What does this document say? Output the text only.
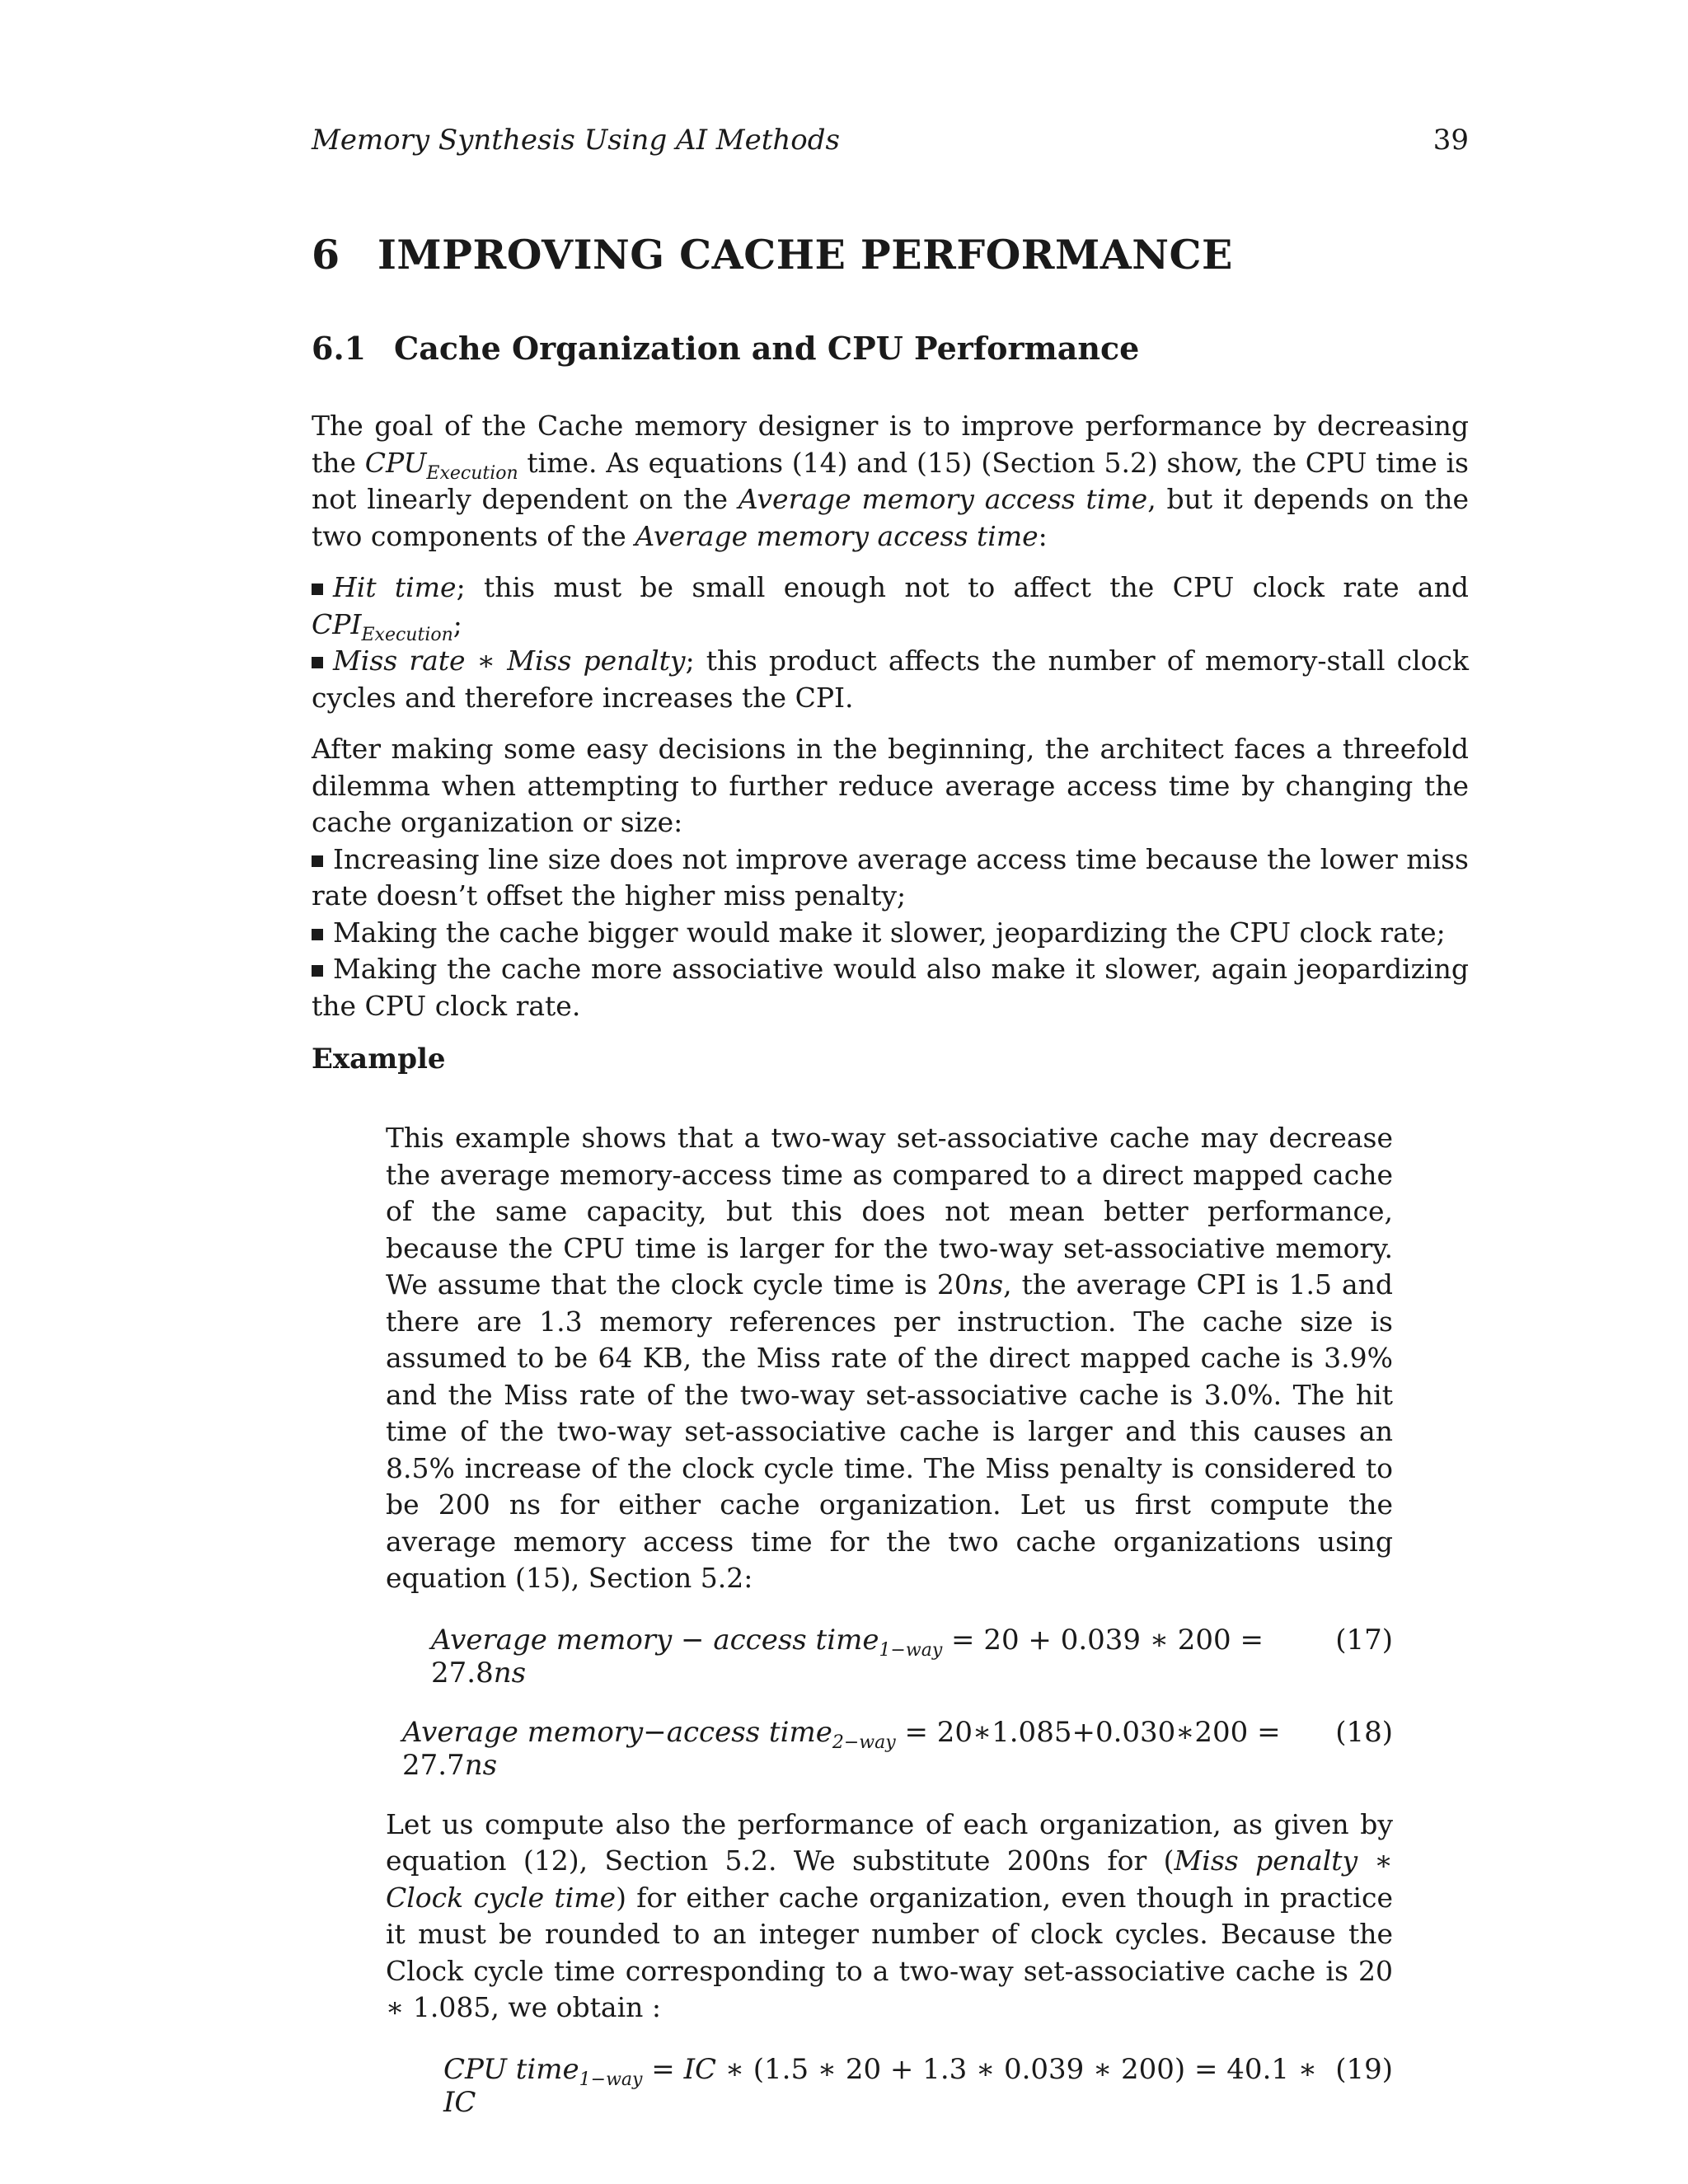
Memory Synthesis Using AI Methods	39
6 IMPROVING CACHE PERFORMANCE
6.1 Cache Organization and CPU Performance

The goal of the Cache memory designer is to improve performance by decreasing the $CPU_{Execution}$ time. As equations (14) and (15) (Section 5.2) show, the CPU time is not linearly dependent on the Average memory access time, but it depends on the two components of the Average memory access time:

Hit time; this must be small enough not to affect the CPU clock rate and $CPI_{Execution}$;
Miss rate ∗ Miss penalty; this product affects the number of memory-stall clock cycles and therefore increases the CPI.

After making some easy decisions in the beginning, the architect faces a threefold dilemma when attempting to further reduce average access time by changing the cache organization or size:

Increasing line size does not improve average access time because the lower miss rate doesn’t offset the higher miss penalty;
Making the cache bigger would make it slower, jeopardizing the CPU clock rate;
Making the cache more associative would also make it slower, again jeopardizing the CPU clock rate.
Example

This example shows that a two-way set-associative cache may decrease the average memory-access time as compared to a direct mapped cache of the same capacity, but this does not mean better performance, because the CPU time is larger for the two-way set-associative memory. We assume that the clock cycle time is 20ns, the average CPI is 1.5 and there are 1.3 memory references per instruction. The cache size is assumed to be 64 KB, the Miss rate of the direct mapped cache is 3.9% and the Miss rate of the two-way set-associative cache is 3.0%. The hit time of the two-way set-associative cache is larger and this causes an 8.5% increase of the clock cycle time. The Miss penalty is considered to be 200 ns for either cache organization. Let us first compute the average memory access time for the two cache organizations using equation (15), Section 5.2:

Average memory − access time$_{1-way}$ = 20 + 0.039 ∗ 200 = 27.8ns
(17)
Average memory−access time$_{2-way}$ = 20∗1.085+0.030∗200 = 27.7ns
(18)

Let us compute also the performance of each organization, as given by equation (12), Section 5.2. We substitute 200ns for (Miss penalty ∗ Clock cycle time) for either cache organization, even though in practice it must be rounded to an integer number of clock cycles. Because the Clock cycle time corresponding to a two-way set-associative cache is 20 ∗ 1.085, we obtain :

CPU time$_{1-way}$ = IC ∗ (1.5 ∗ 20 + 1.3 ∗ 0.039 ∗ 200) = 40.1 ∗ IC
(19)
